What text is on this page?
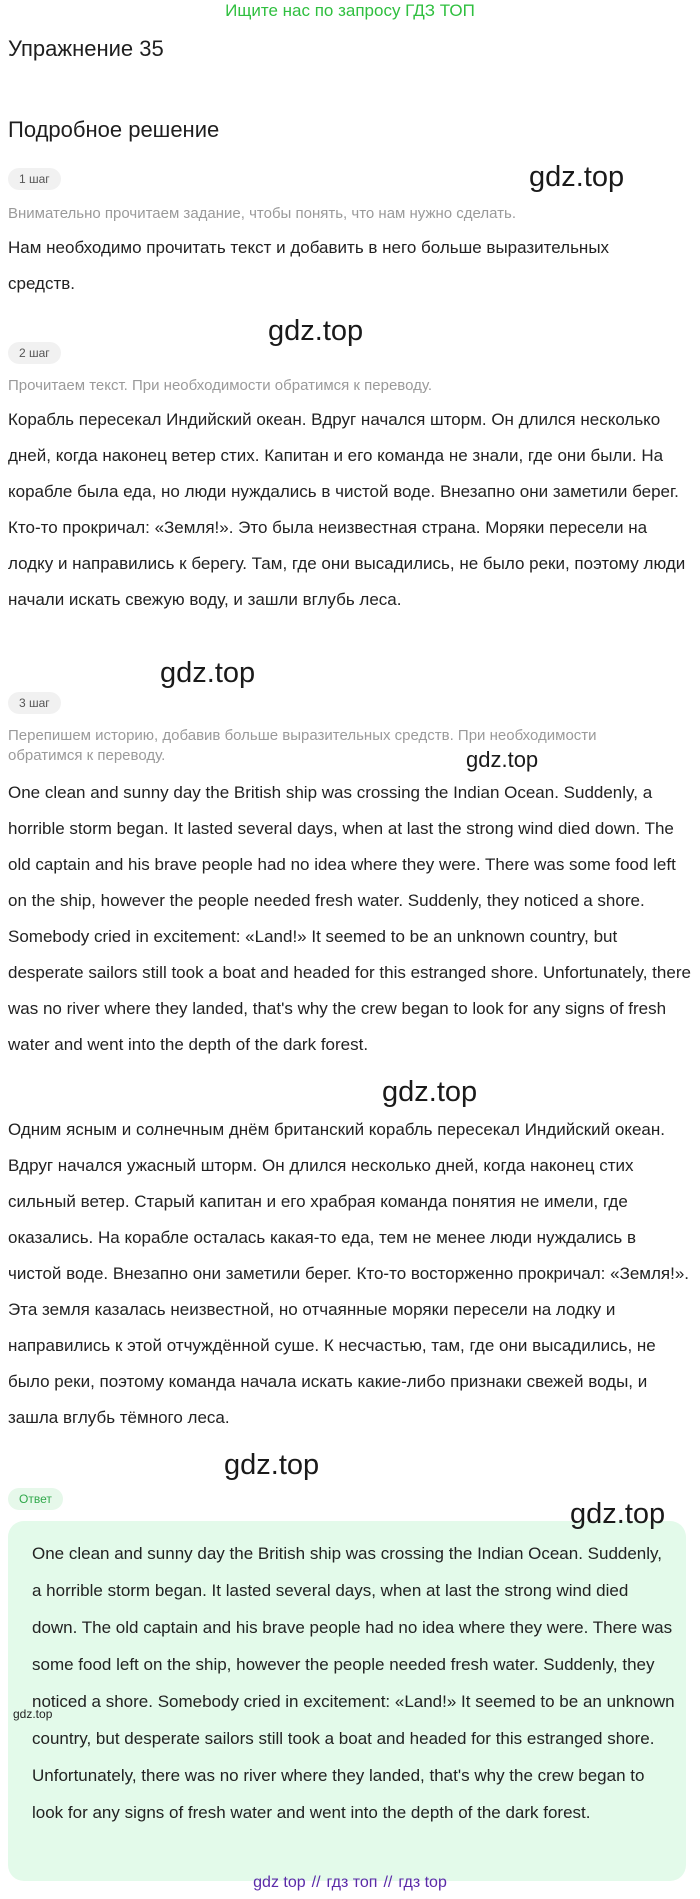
Ищите нас по запросу ГДЗ ТОП
Упражнение 35
Подробное решение
1 шаг	gdz.top
Внимательно прочитаем задание, чтобы понять, что нам нужно сделать.

Нам необходимо прочитать текст и добавить в него больше выразительных средств.

gdz.top
2 шаг
Прочитаем текст. При необходимости обратимся к переводу.

Корабль пересекал Индийский океан. Вдруг начался шторм. Он длился несколько дней, когда наконец ветер стих. Капитан и его команда не знали, где они были. На корабле была еда, но люди нуждались в чистой воде. Внезапно они заметили берег. Кто-то прокричал: «Земля!». Это была неизвестная страна. Моряки пересели на лодку и направились к берегу. Там, где они высадились, не было реки, поэтому люди начали искать свежую воду, и зашли вглубь леса.

gdz.top
3 шаг
Перепишем историю, добавив больше выразительных средств. При необходимости обратимся к переводу.	gdz.top

One clean and sunny day the British ship was crossing the Indian Ocean. Suddenly, a horrible storm began. It lasted several days, when at last the strong wind died down. The old captain and his brave people had no idea where they were. There was some food left on the ship, however the people needed fresh water. Suddenly, they noticed a shore. Somebody cried in excitement: «Land!» It seemed to be an unknown country, but desperate sailors still took a boat and headed for this estranged shore. Unfortunately, there was no river where they landed, that's why the crew began to look for any signs of fresh water and went into the depth of the dark forest.

gdz.top

Одним ясным и солнечным днём британский корабль пересекал Индийский океан. Вдруг начался ужасный шторм. Он длился несколько дней, когда наконец стих сильный ветер. Старый капитан и его храбрая команда понятия не имели, где оказались. На корабле осталась какая-то еда, тем не менее люди нуждались в чистой воде. Внезапно они заметили берег. Кто-то восторженно прокричал: «Земля!». Эта земля казалась неизвестной, но отчаянные моряки пересели на лодку и направились к этой отчуждённой суше. К несчастью, там, где они высадились, не было реки, поэтому команда начала искать какие-либо признаки свежей воды, и зашла вглубь тёмного леса.

gdz.top
Ответ	gdz.top

One clean and sunny day the British ship was crossing the Indian Ocean. Suddenly, a horrible storm began. It lasted several days, when at last the strong wind died down. The old captain and his brave people had no idea where they were. There was some food left on the ship, however the people needed fresh water. Suddenly, they noticed a shore. Somebody cried in excitement: «Land!» It seemed to be an unknown country, but desperate sailors still took a boat and headed for this estranged shore. Unfortunately, there was no river where they landed, that's why the crew began to look for any signs of fresh water and went into the depth of the dark forest.

gdz.top
gdz top // гдз топ // гдз top
